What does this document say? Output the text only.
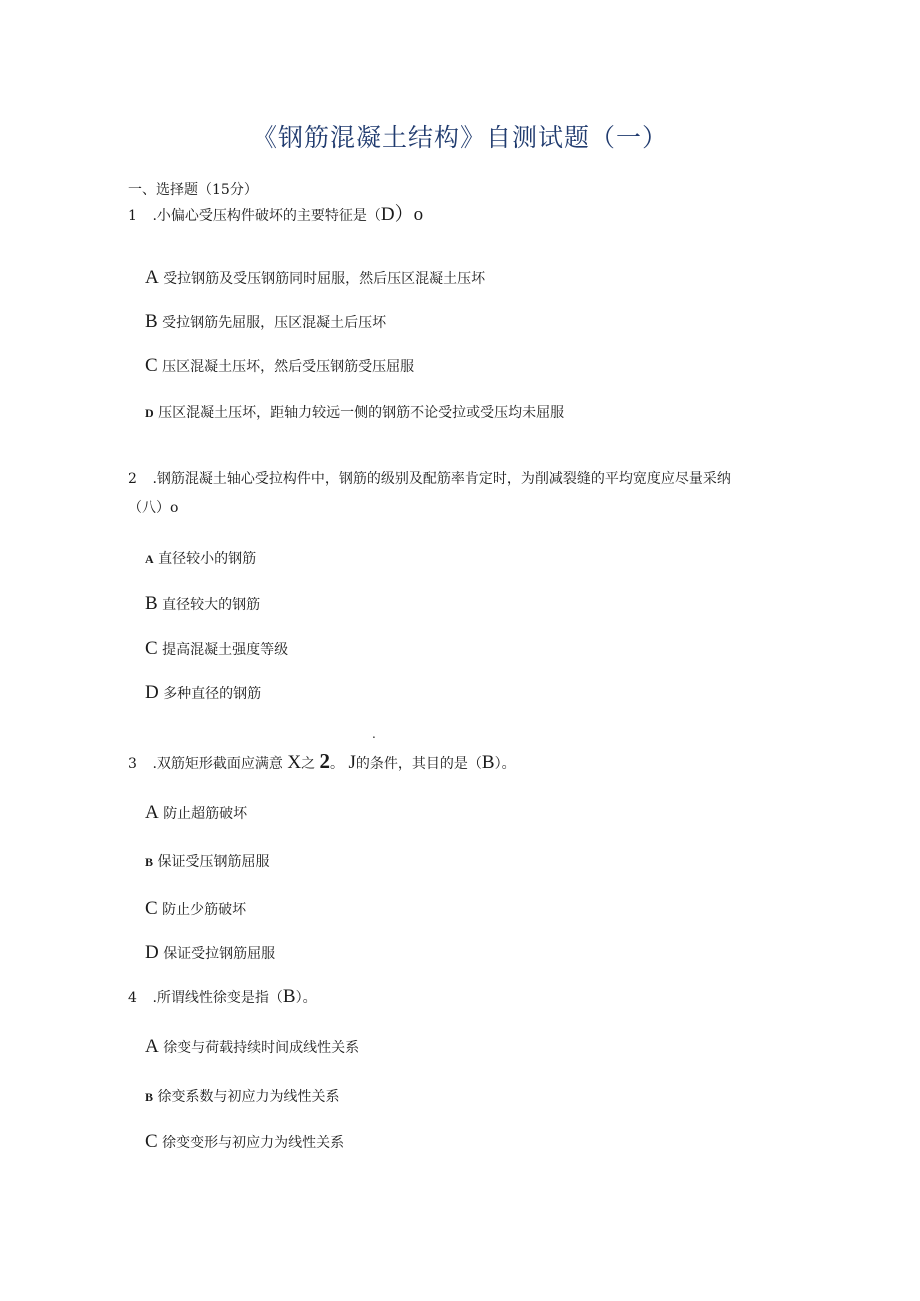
《钢筋混凝土结构》自测试题（一）
一、选择题（15分）
1 .小偏心受压构件破坏的主要特征是（D）o
A 受拉钢筋及受压钢筋同时屈服，然后压区混凝土压坏
B 受拉钢筋先屈服，压区混凝土后压坏
C 压区混凝土压坏，然后受压钢筋受压屈服
D 压区混凝土压坏，距轴力较远一侧的钢筋不论受拉或受压均未屈服
2 .钢筋混凝土轴心受拉构件中，钢筋的级别及配筋率肯定时，为削减裂缝的平均宽度应尽量采纳
（八）o
A 直径较小的钢筋
B 直径较大的钢筋
C 提高混凝土强度等级
D 多种直径的钢筋
.
3 .双筋矩形截面应满意 X之 2。 J的条件，其目的是（B）。
A 防止超筋破坏
B 保证受压钢筋屈服
C 防止少筋破坏
D 保证受拉钢筋屈服
4 .所谓线性徐变是指（B）。
A 徐变与荷载持续时间成线性关系
B 徐变系数与初应力为线性关系
C 徐变变形与初应力为线性关系
